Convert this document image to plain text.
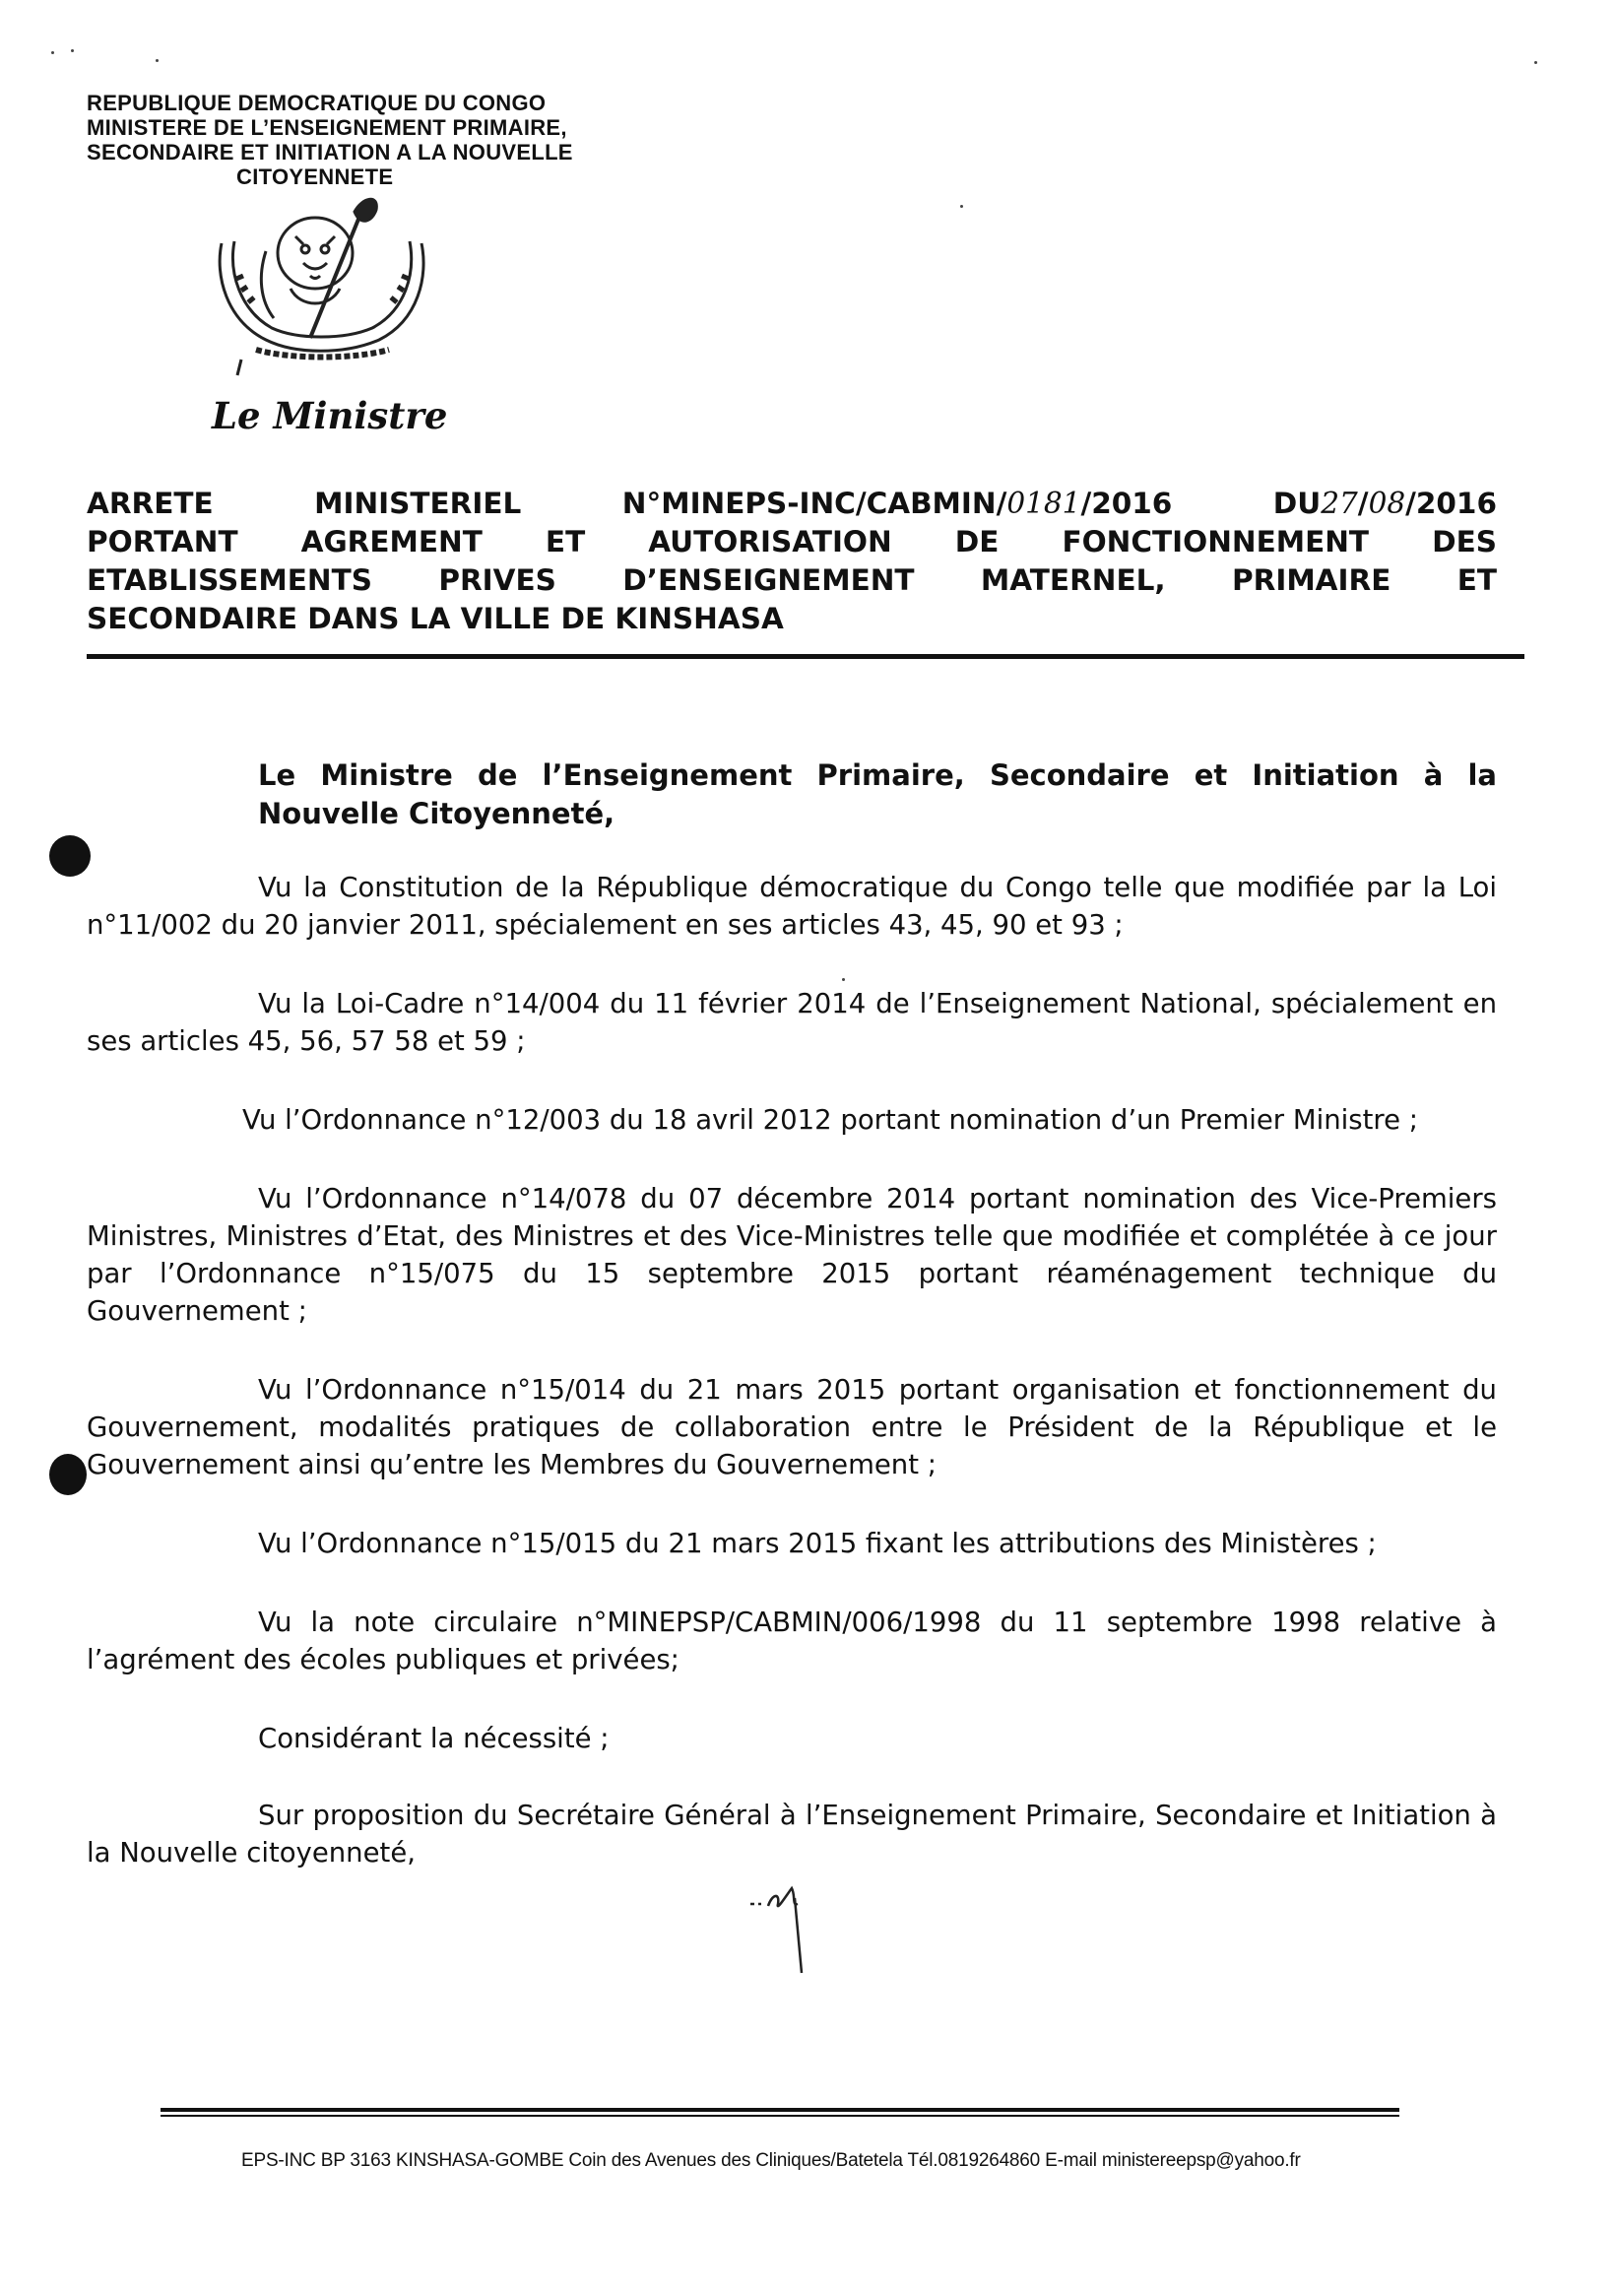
REPUBLIQUE DEMOCRATIQUE DU CONGO
MINISTERE DE L’ENSEIGNEMENT PRIMAIRE,
SECONDAIRE ET INITIATION A LA NOUVELLE
CITOYENNETE
Le Ministre
ARRETE MINISTERIEL N°MINEPS-INC/CABMIN/0181/2016 DU27/08/2016
PORTANT AGREMENT ET AUTORISATION DE FONCTIONNEMENT DES
ETABLISSEMENTS PRIVES D’ENSEIGNEMENT MATERNEL, PRIMAIRE ET
SECONDAIRE DANS LA VILLE DE KINSHASA
Le Ministre de l’Enseignement Primaire, Secondaire et Initiation à la Nouvelle Citoyenneté,

Vu la Constitution de la République démocratique du Congo telle que modifiée par la Loi n°11/002 du 20 janvier 2011, spécialement en ses articles 43, 45, 90 et 93 ;

Vu la Loi-Cadre n°14/004 du 11 février 2014 de l’Enseignement National, spécialement en ses articles 45, 56, 57 58 et 59 ;

Vu l’Ordonnance n°12/003 du 18 avril 2012 portant nomination d’un Premier Ministre ;

Vu l’Ordonnance n°14/078 du 07 décembre 2014 portant nomination des Vice-Premiers Ministres, Ministres d’Etat, des Ministres et des Vice-Ministres telle que modifiée et complétée à ce jour par l’Ordonnance n°15/075 du 15 septembre 2015 portant réaménagement technique du Gouvernement ;

Vu l’Ordonnance n°15/014 du 21 mars 2015 portant organisation et fonctionnement du Gouvernement, modalités pratiques de collaboration entre le Président de la République et le Gouvernement ainsi qu’entre les Membres du Gouvernement ;

Vu l’Ordonnance n°15/015 du 21 mars 2015 fixant les attributions des Ministères ;

Vu la note circulaire n°MINEPSP/CABMIN/006/1998 du 11 septembre 1998 relative à l’agrément des écoles publiques et privées;

Considérant la nécessité ;

Sur proposition du Secrétaire Général à l’Enseignement Primaire, Secondaire et Initiation à la Nouvelle citoyenneté,

EPS-INC BP 3163 KINSHASA-GOMBE Coin des Avenues des Cliniques/Batetela Tél.0819264860 E-mail ministereepsp@yahoo.fr
